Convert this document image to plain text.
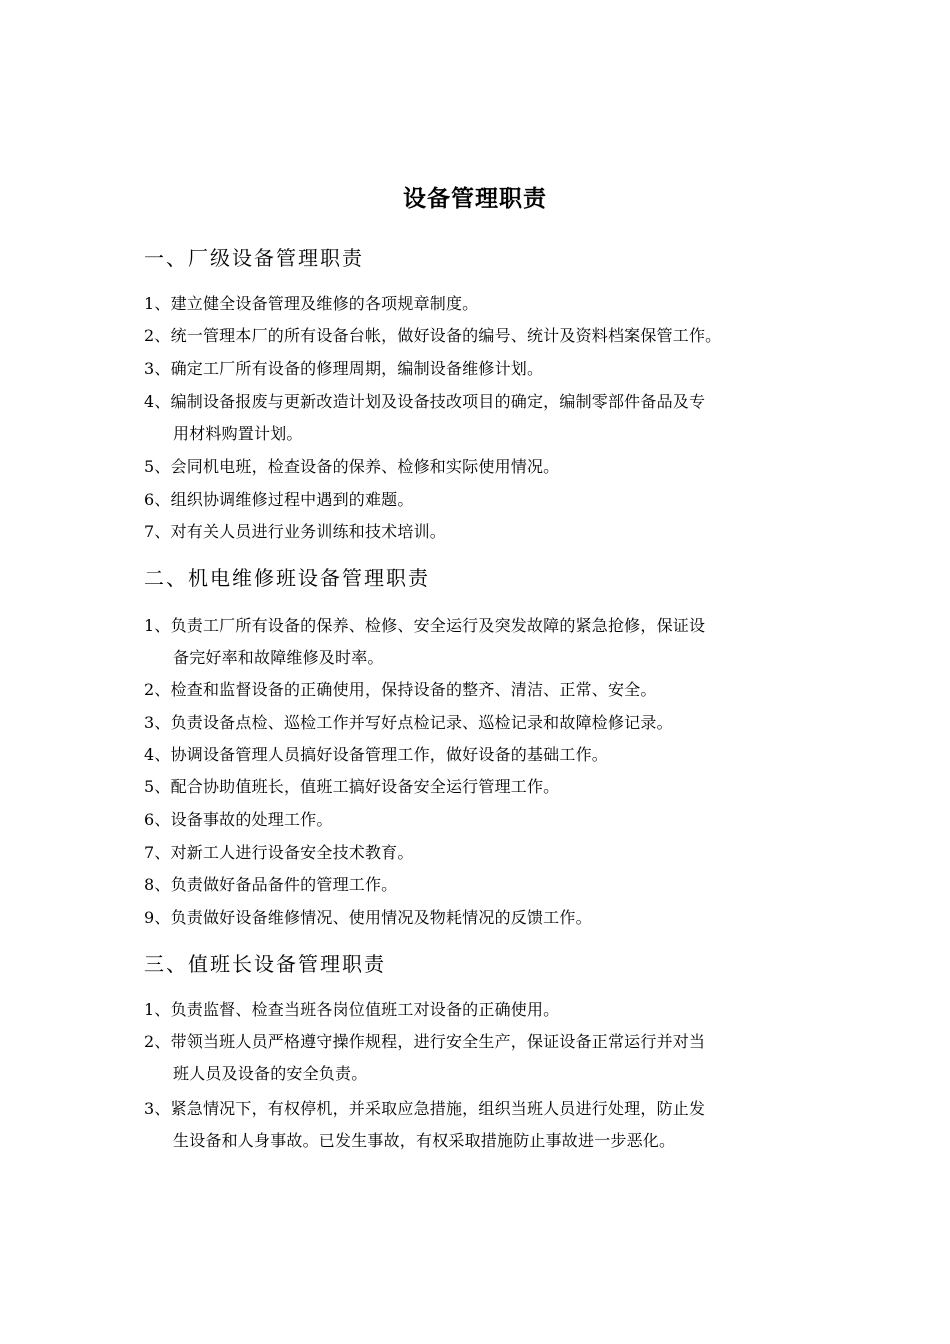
设备管理职责
一、厂级设备管理职责
1、建立健全设备管理及维修的各项规章制度。
2、统一管理本厂的所有设备台帐，做好设备的编号、统计及资料档案保管工作。
3、确定工厂所有设备的修理周期，编制设备维修计划。
4、编制设备报废与更新改造计划及设备技改项目的确定，编制零部件备品及专
用材料购置计划。
5、会同机电班，检查设备的保养、检修和实际使用情况。
6、组织协调维修过程中遇到的难题。
7、对有关人员进行业务训练和技术培训。
二、机电维修班设备管理职责
1、负责工厂所有设备的保养、检修、安全运行及突发故障的紧急抢修，保证设
备完好率和故障维修及时率。
2、检查和监督设备的正确使用，保持设备的整齐、清洁、正常、安全。
3、负责设备点检、巡检工作并写好点检记录、巡检记录和故障检修记录。
4、协调设备管理人员搞好设备管理工作，做好设备的基础工作。
5、配合协助值班长，值班工搞好设备安全运行管理工作。
6、设备事故的处理工作。
7、对新工人进行设备安全技术教育。
8、负责做好备品备件的管理工作。
9、负责做好设备维修情况、使用情况及物耗情况的反馈工作。
三、值班长设备管理职责
1、负责监督、检查当班各岗位值班工对设备的正确使用。
2、带领当班人员严格遵守操作规程，进行安全生产，保证设备正常运行并对当
班人员及设备的安全负责。
3、紧急情况下，有权停机，并采取应急措施，组织当班人员进行处理，防止发
生设备和人身事故。已发生事故，有权采取措施防止事故进一步恶化。
